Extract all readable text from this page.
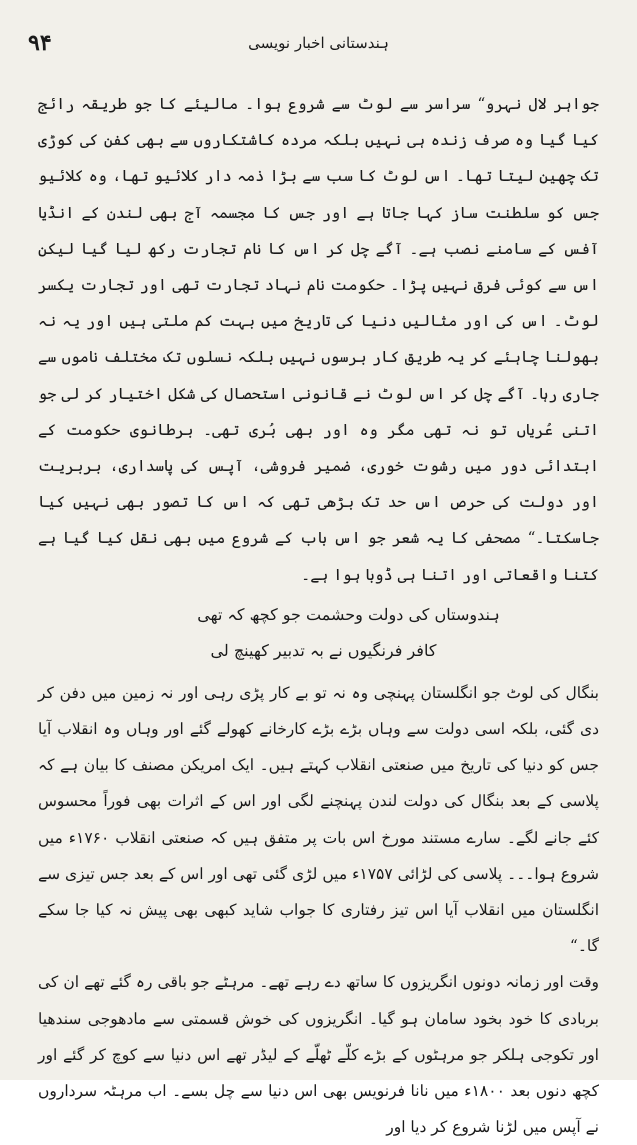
۹۴	ہندستانی اخبار نویسی

جواہر لال نہرو“ سراسر سے لوٹ سے شروع ہوا۔ مالیئے کا جو طریقہ رائج کیا گیا وہ صرف زندہ ہی نہیں بلکہ مردہ کاشتکاروں سے بھی کفن کی کوڑی تک چھین لیتا تھا۔ اس لوٹ کا سب سے بڑا ذمہ دار کلائیو تھا، وہ کلائیو جس کو سلطنت ساز کہا جاتا ہے اور جس کا مجسمہ آج بھی لندن کے انڈیا آفس کے سامنے نصب ہے۔ آگے چل کر اس کا نام تجارت رکھ لیا گیا لیکن اس سے کوئی فرق نہیں پڑا۔ حکومت نام نہاد تجارت تھی اور تجارت یکسر لوٹ۔ اس کی اور مثالیں دنیا کی تاریخ میں بہت کم ملتی ہیں اور یہ نہ بھولنا چاہئے کر یہ طریق کار برسوں نہیں بلکہ نسلوں تک مختلف ناموں سے جاری رہا۔ آگے چل کر اس لوٹ نے قانونی استحصال کی شکل اختیار کر لی جو اتنی عُریاں تو نہ تھی مگر وہ اور بھی بُری تھی۔ برطانوی حکومت کے ابتدائی دور میں رشوت خوری، ضمیر فروشی، آپس کی پاسداری، بربریت اور دولت کی حرص اس حد تک بڑھی تھی کہ اس کا تصور بھی نہیں کیا جاسکتا۔“ مصحفی کا یہ شعر جو اس باب کے شروع میں بھی نقل کیا گیا ہے کتنا واقعاتی اور اتنا ہی ڈوبا ہوا ہے۔

ہندوستاں کی دولت وحشمت جو کچھ کہ تھی
کافر فرنگیوں نے بہ تدبیر کھینچ لی

بنگال کی لوٹ جو انگلستان پہنچی وہ نہ تو بے کار پڑی رہی اور نہ زمین میں دفن کر دی گئی، بلکہ اسی دولت سے وہاں بڑے بڑے کارخانے کھولے گئے اور وہاں وہ انقلاب آیا جس کو دنیا کی تاریخ میں صنعتی انقلاب کہتے ہیں۔ ایک امریکن مصنف کا بیان ہے کہ پلاسی کے بعد بنگال کی دولت لندن پہنچنے لگی اور اس کے اثرات بھی فوراً محسوس کئے جانے لگے۔ سارے مستند مورخ اس بات پر متفق ہیں کہ صنعتی انقلاب ۱۷۶۰ء میں شروع ہوا۔۔۔ پلاسی کی لڑائی ۱۷۵۷ء میں لڑی گئی تھی اور اس کے بعد جس تیزی سے انگلستان میں انقلاب آیا اس تیز رفتاری کا جواب شاید کبھی بھی پیش نہ کیا جا سکے گا۔“

وقت اور زمانہ دونوں انگریزوں کا ساتھ دے رہے تھے۔ مرہٹے جو باقی رہ گئے تھے ان کی بربادی کا خود بخود سامان ہو گیا۔ انگریزوں کی خوش قسمتی سے مادھوجی سندھیا اور تکوجی ہلکر جو مرہٹوں کے بڑے کلّے ٹھلّے کے لیڈر تھے اس دنیا سے کوچ کر گئے اور کچھ دنوں بعد ۱۸۰۰ء میں نانا فرنویس بھی اس دنیا سے چل بسے۔ اب مرہٹہ سرداروں نے آپس میں لڑنا شروع کر دیا اور
